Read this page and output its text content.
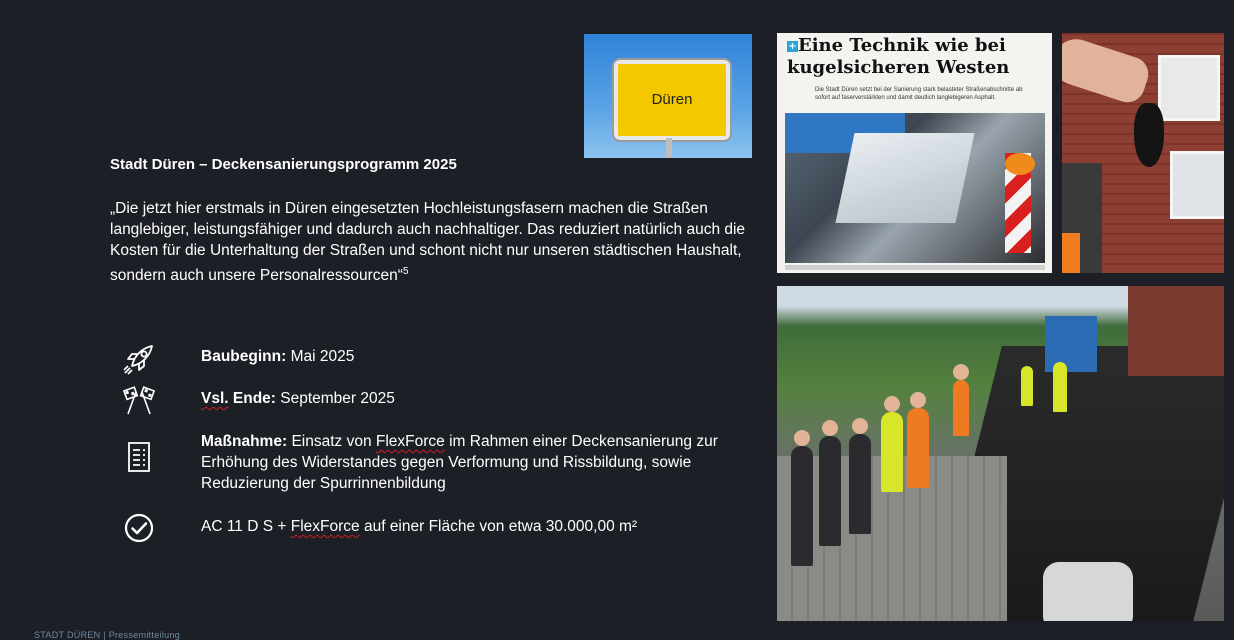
Stadt Düren – Deckensanierungsprogramm 2025
„Die jetzt hier erstmals in Düren eingesetzten Hochleistungsfasern machen die Straßen langlebiger, leistungsfähiger und dadurch auch nachhaltiger. Das reduziert natürlich auch die Kosten für die Unterhaltung der Straßen und schont nicht nur unseren städtischen Haushalt, sondern auch unsere Personalressourcen“$^5$
Baubeginn: Mai 2025
Vsl. Ende: September 2025
Maßnahme: Einsatz von FlexForce im Rahmen einer Deckensanierung zur Erhöhung des Widerstandes gegen Verformung und Rissbildung, sowie Reduzierung der Spurrinnenbildung
AC 11 D S + FlexForce auf einer Fläche von etwa 30.000,00 m²
Düren
+Eine Technik wie bei kugelsicheren Westen
Die Stadt Düren setzt bei der Sanierung stark belasteter Straßenabschnitte ab sofort auf faserverstärkten und damit deutlich langlebigeren Asphalt.
STADT DÜREN | Pressemitteilung
